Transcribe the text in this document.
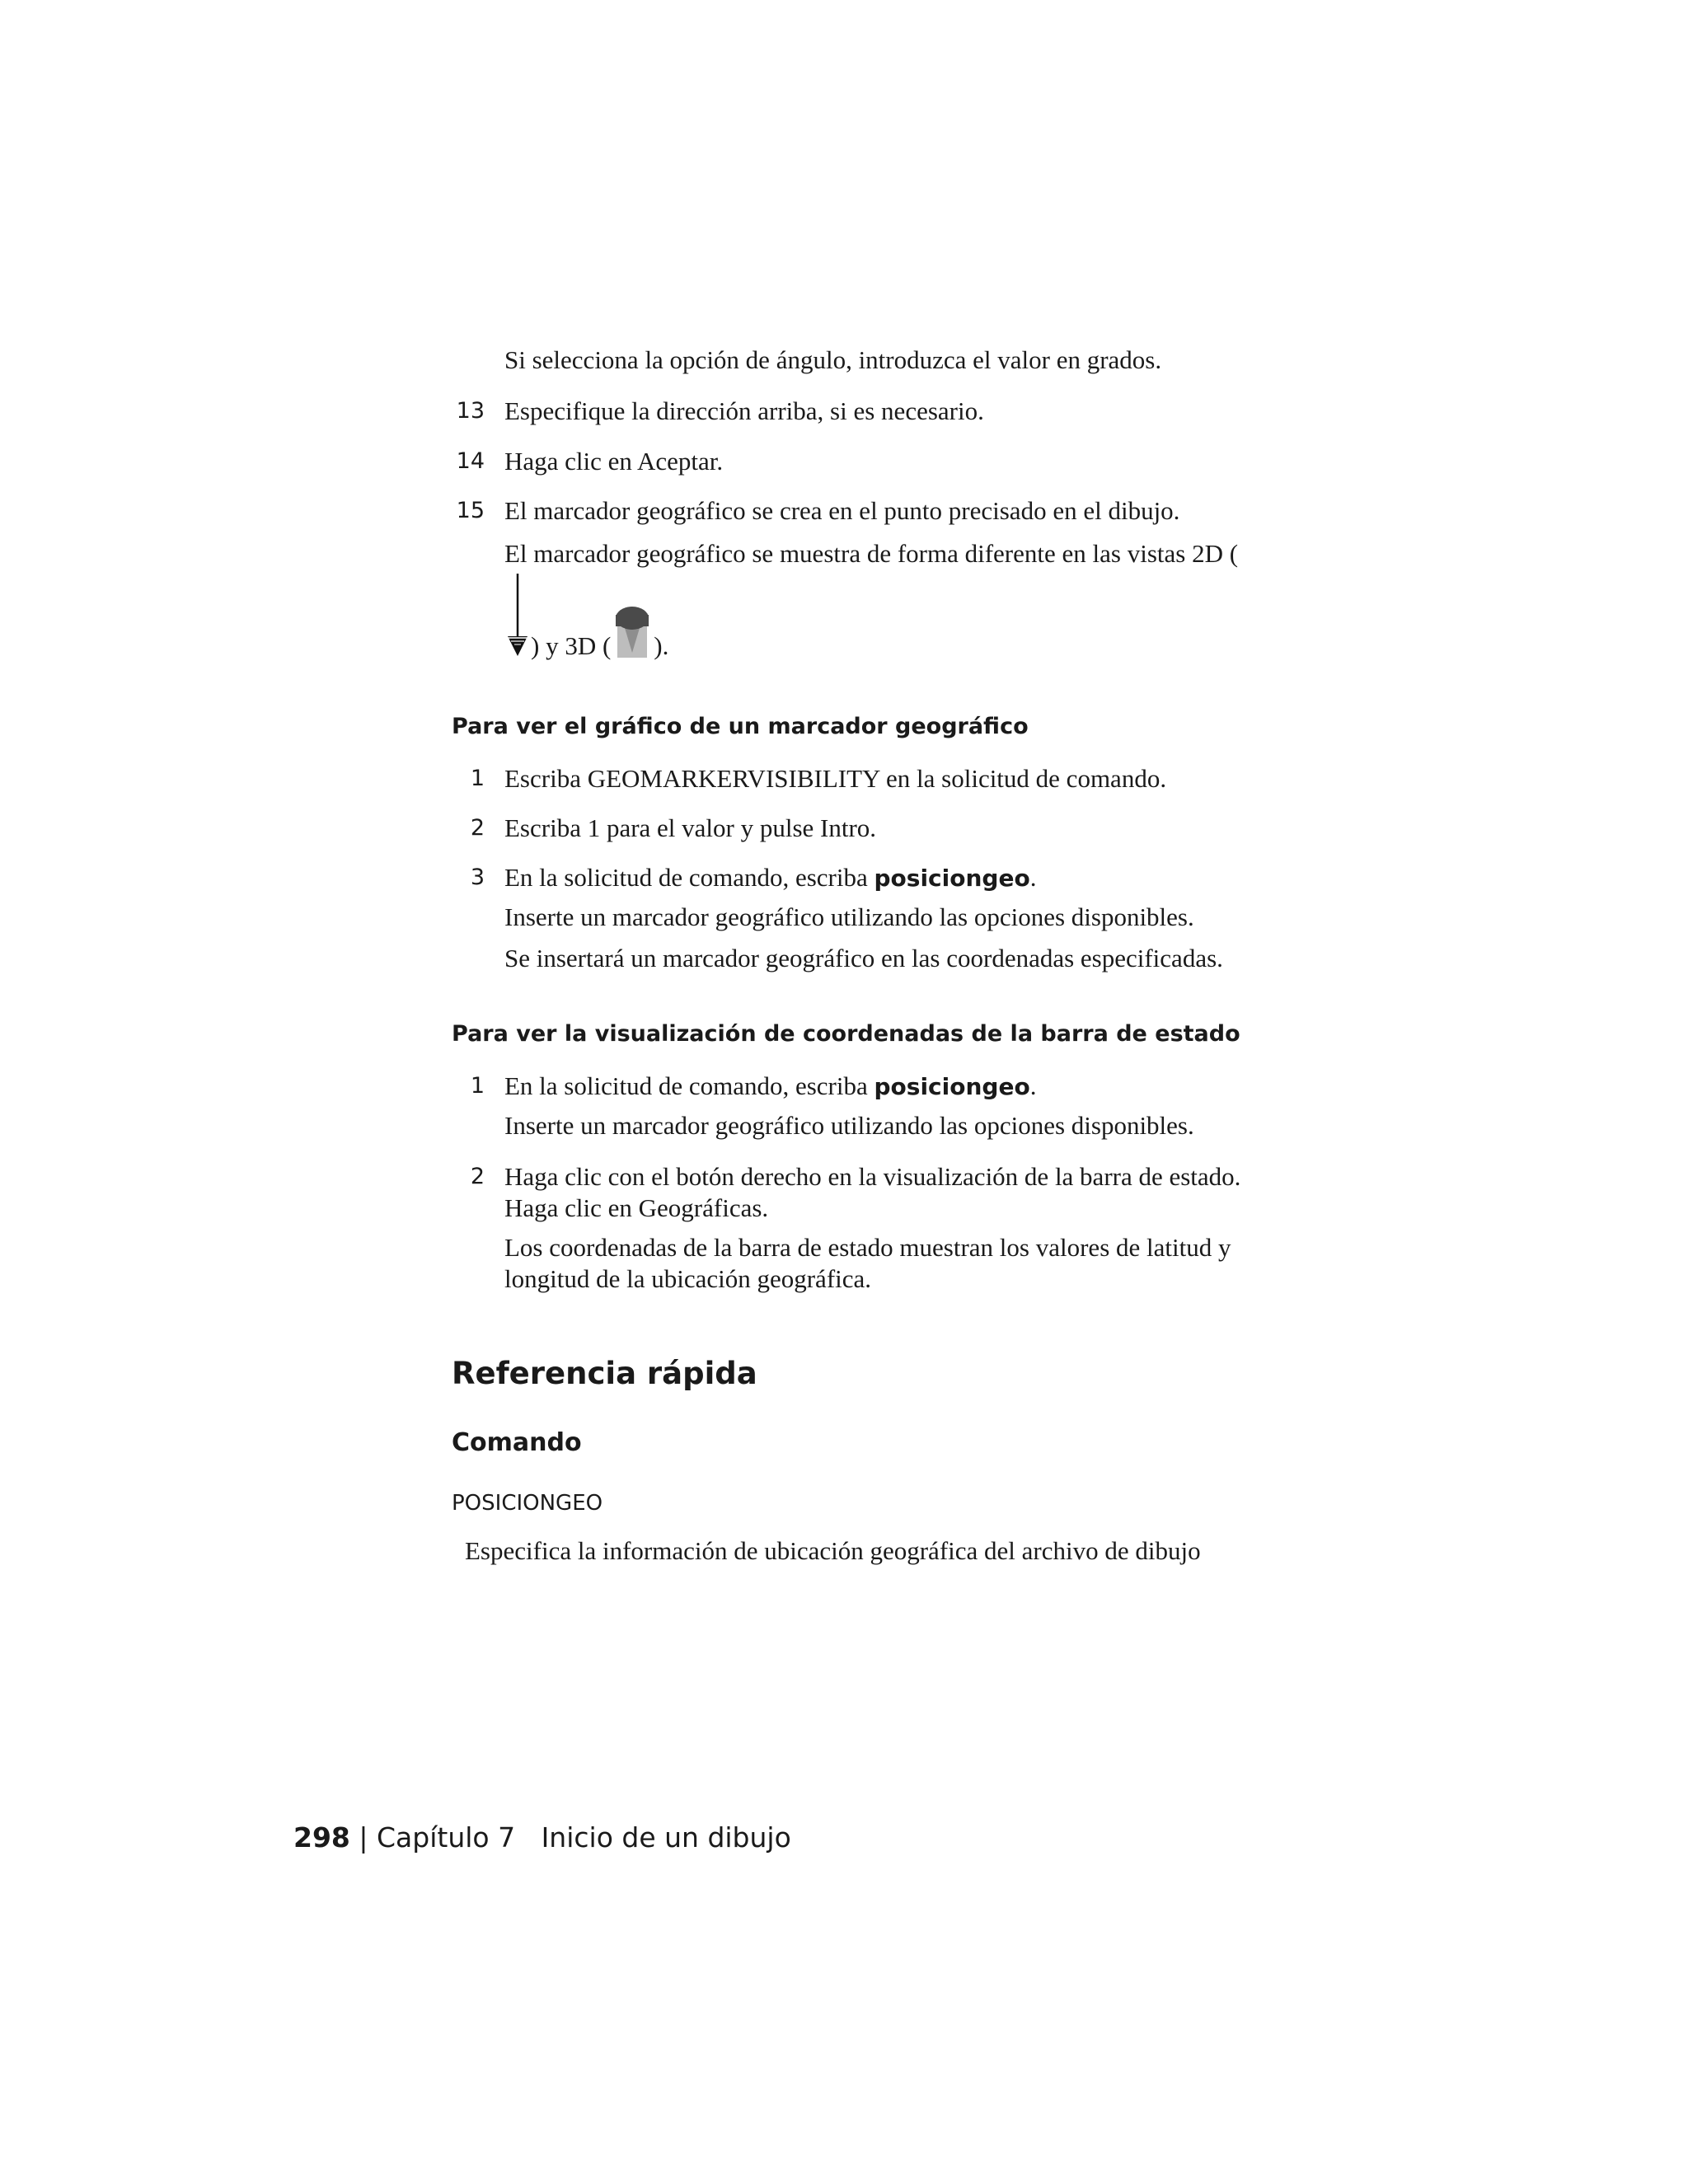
Si selecciona la opción de ángulo, introduzca el valor en grados.
13 Especifique la dirección arriba, si es necesario.
14 Haga clic en Aceptar.
15 El marcador geográfico se crea en el punto precisado en el dibujo.
El marcador geográfico se muestra de forma diferente en las vistas 2D (
) y 3D ( ).
Para ver el gráfico de un marcador geográfico
1 Escriba GEOMARKERVISIBILITY en la solicitud de comando.
2 Escriba 1 para el valor y pulse Intro.
3 En la solicitud de comando, escriba posiciongeo.
Inserte un marcador geográfico utilizando las opciones disponibles.
Se insertará un marcador geográfico en las coordenadas especificadas.
Para ver la visualización de coordenadas de la barra de estado
1 En la solicitud de comando, escriba posiciongeo.
Inserte un marcador geográfico utilizando las opciones disponibles.
2 Haga clic con el botón derecho en la visualización de la barra de estado.
Haga clic en Geográficas.
Los coordenadas de la barra de estado muestran los valores de latitud y
longitud de la ubicación geográfica.
Referencia rápida
Comando
POSICIONGEO
Especifica la información de ubicación geográfica del archivo de dibujo
298 | Capítulo 7 Inicio de un dibujo
